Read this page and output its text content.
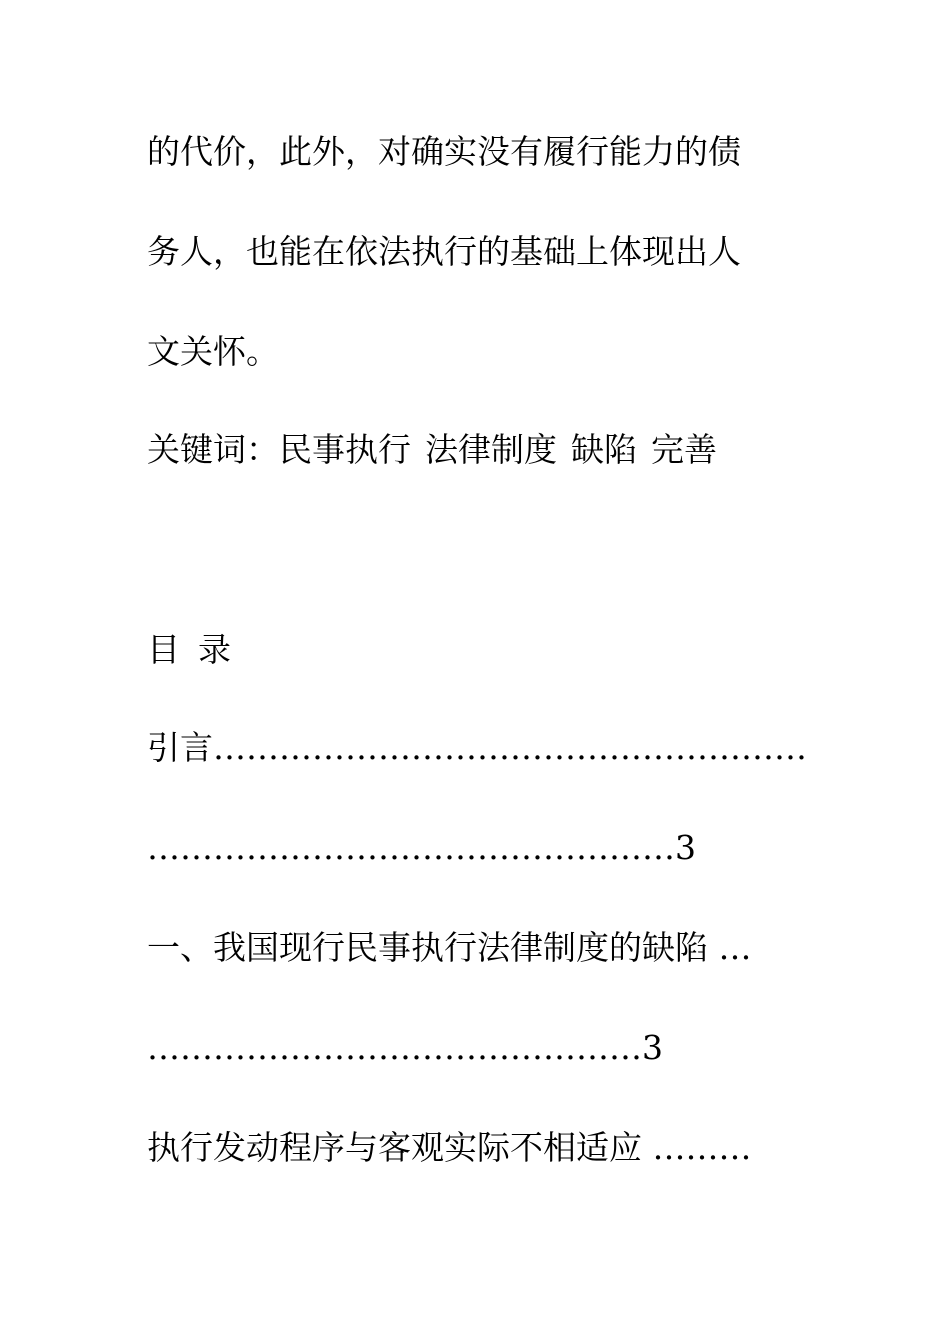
的代价，此外，对确实没有履行能力的债
务人，也能在依法执行的基础上体现出人
文关怀。
关键词：民事执行 法律制度 缺陷 完善
目 录
引言………………………………………………
…………………………………………3
一、我国现行民事执行法律制度的缺陷 …
………………………………………3
执行发动程序与客观实际不相适应 ………
